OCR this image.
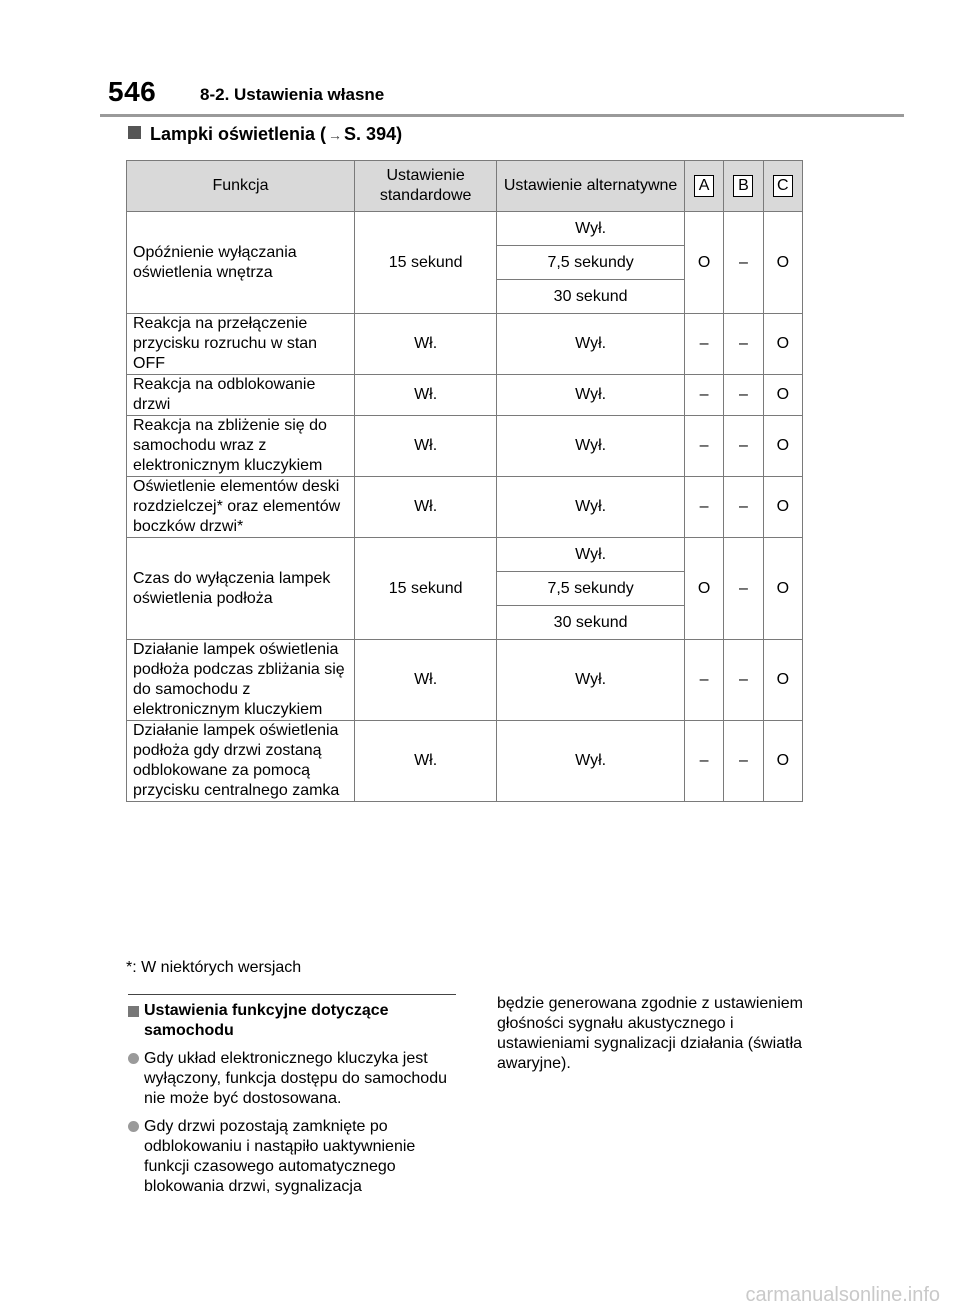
546	8-2. Ustawienia własne
Lampki oświetlenia ( → S. 394)
Funkcja	Ustawienie standardowe	Ustawienie alternatywne	A	B	C
Opóźnienie wyłączania oświetlenia wnętrza	15 sekund	Wył.	O	–	O
		7,5 sekundy			
		30 sekund			
Reakcja na przełączenie przycisku rozruchu w stan OFF	Wł.	Wył.	–	–	O
Reakcja na odblokowanie drzwi	Wł.	Wył.	–	–	O
Reakcja na zbliżenie się do samochodu wraz z elektronicznym kluczykiem	Wł.	Wył.	–	–	O
Oświetlenie elementów deski rozdzielczej* oraz elementów boczków drzwi*	Wł.	Wył.	–	–	O
Czas do wyłączenia lampek oświetlenia podłoża	15 sekund	Wył.	O	–	O
		7,5 sekundy			
		30 sekund			
Działanie lampek oświetlenia podłoża podczas zbliżania się do samochodu z elektronicznym kluczykiem	Wł.	Wył.	–	–	O
Działanie lampek oświetlenia podłoża gdy drzwi zostaną odblokowane za pomocą przycisku centralnego zamka	Wł.	Wył.	–	–	O
*: W niektórych wersjach
Ustawienia funkcyjne dotyczące samochodu
Gdy układ elektronicznego kluczyka jest wyłączony, funkcja dostępu do samochodu nie może być dostosowana.
Gdy drzwi pozostają zamknięte po odblokowaniu i nastąpiło uaktywnienie funkcji czasowego automatycznego blokowania drzwi, sygnalizacja
będzie generowana zgodnie z ustawieniem głośności sygnału akustycznego i ustawieniami sygnalizacji działania (światła awaryjne).
carmanualsonline.info
